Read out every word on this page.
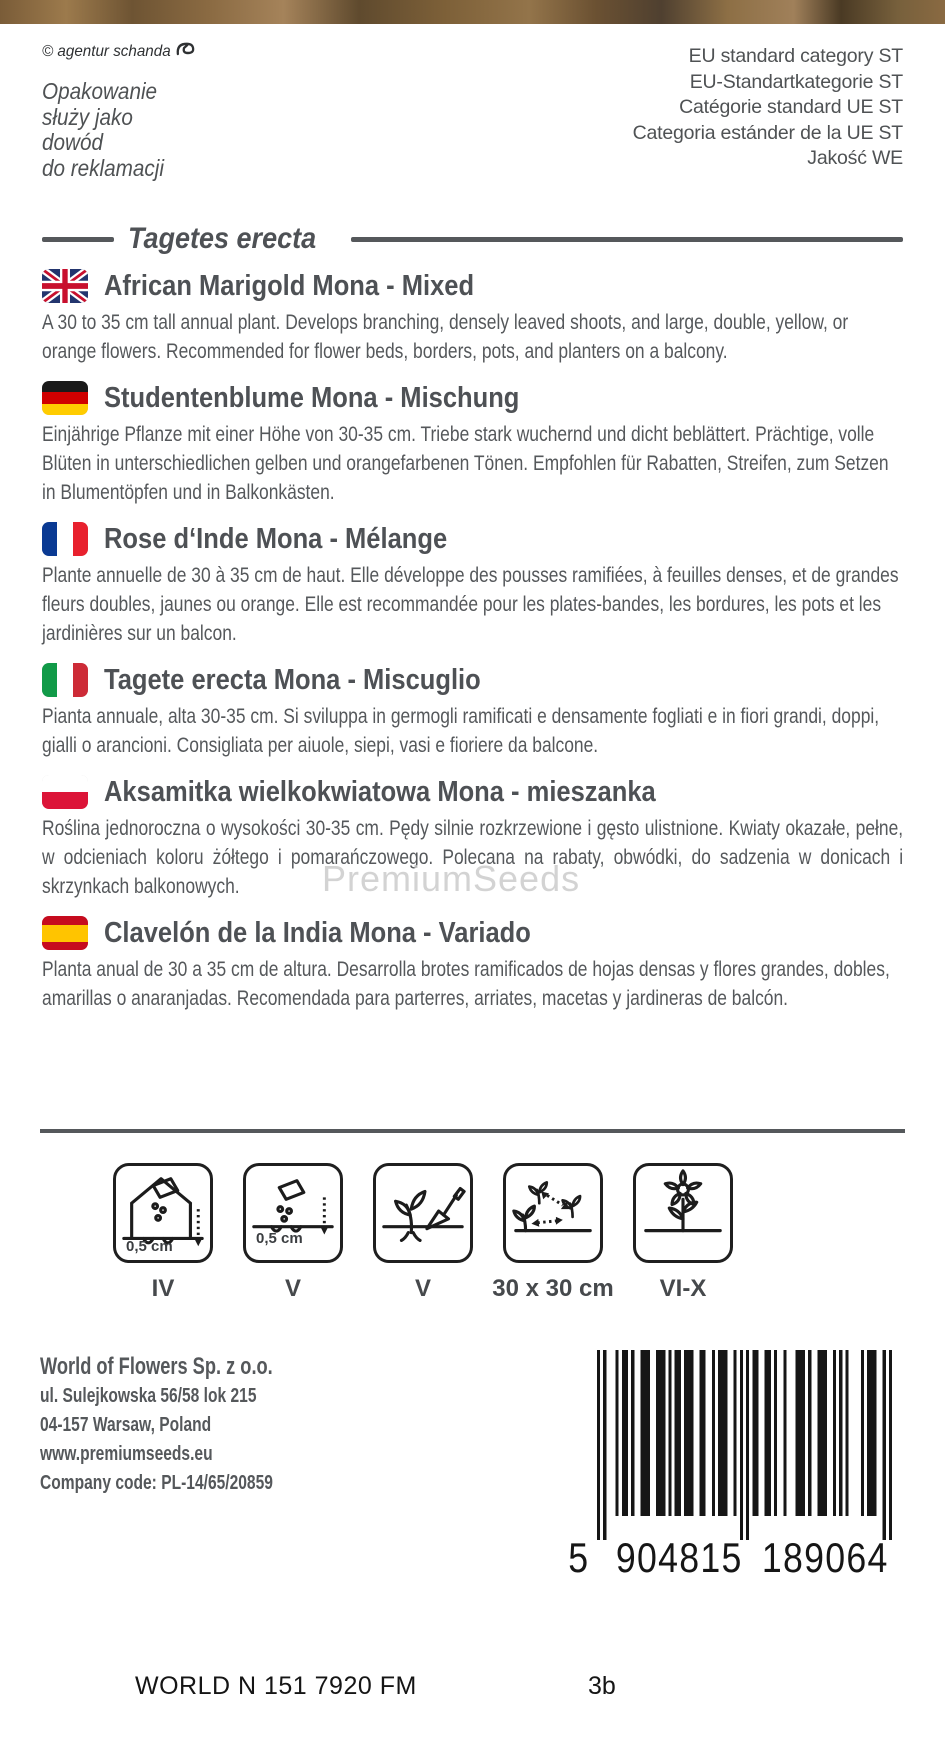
© agentur schanda
Opakowanie
służy jako
dowód
do reklamacji
EU standard category ST
EU-Standartkategorie ST
Catégorie standard UE ST
Categoria estánder de la UE ST
Jakość WE
Tagetes erecta
African Marigold Mona - Mixed

A 30 to 35 cm tall annual plant. Develops branching, densely leaved shoots, and large, double, yellow, or orange flowers. Recommended for flower beds, borders, pots, and planters on a balcony.

Studentenblume Mona - Mischung

Einjährige Pflanze mit einer Höhe von 30-35 cm. Triebe stark wuchernd und dicht beblättert. Prächtige, volle Blüten in unterschiedlichen gelben und orangefarbenen Tönen. Empfohlen für Rabatten, Streifen, zum Setzen in Blumentöpfen und in Balkonkästen.

Rose d‘Inde Mona - Mélange

Plante annuelle de 30 à 35 cm de haut. Elle développe des pousses ramifiées, à feuilles denses, et de grandes fleurs doubles, jaunes ou orange. Elle est recommandée pour les plates-bandes, les bordures, les pots et les jardinières sur un balcon.

Tagete erecta Mona - Miscuglio

Pianta annuale, alta 30-35 cm. Si sviluppa in germogli ramificati e densamente fogliati e in fiori grandi, doppi, gialli o arancioni. Consigliata per aiuole, siepi, vasi e fioriere da balcone.

Aksamitka wielkokwiatowa Mona - mieszanka

Roślina jednoroczna o wysokości 30-35 cm. Pędy silnie rozkrzewione i gęsto ulistnione. Kwiaty okazałe, pełne, w odcieniach koloru żółtego i pomarańczowego. Polecana na rabaty, obwódki, do sadzenia w donicach i skrzynkach balkonowych.

Clavelón de la India Mona - Variado

Planta anual de 30 a 35 cm de altura. Desarrolla brotes ramificados de hojas densas y flores grandes, dobles, amarillas o anaranjadas. Recomendada para parterres, arriates, macetas y jardineras de balcón.

PremiumSeeds
0,5 cm
IV
0,5 cm
V	V	30 x 30 cm VI-X
World of Flowers Sp. z o.o.
ul. Sulejkowska 56/58 lok 215
04-157 Warsaw, Poland
www.premiumseeds.eu
Company code: PL-14/65/20859
5 904815 189064
WORLD N 151 7920 FM	3b
